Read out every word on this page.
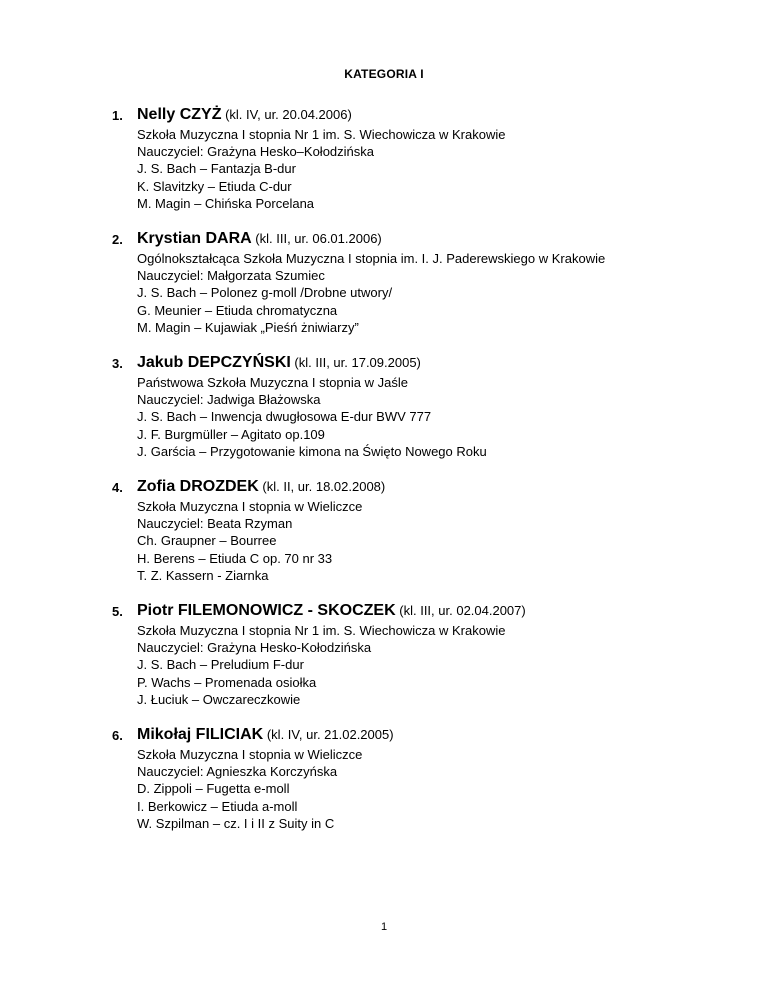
KATEGORIA I
1. Nelly CZYŻ (kl. IV, ur. 20.04.2006)
Szkoła Muzyczna I stopnia Nr 1 im. S. Wiechowicza w Krakowie
Nauczyciel: Grażyna Hesko–Kołodzińska
J. S. Bach – Fantazja B-dur
K. Slavitzky – Etiuda C-dur
M. Magin – Chińska Porcelana
2. Krystian DARA (kl. III, ur. 06.01.2006)
Ogólnokształcąca Szkoła Muzyczna I stopnia im. I. J. Paderewskiego w Krakowie
Nauczyciel: Małgorzata Szumiec
J. S. Bach – Polonez g-moll /Drobne utwory/
G. Meunier – Etiuda chromatyczna
M. Magin – Kujawiak „Pieśń żniwiarzy”
3. Jakub DEPCZYŃSKI (kl. III, ur. 17.09.2005)
Państwowa Szkoła Muzyczna I stopnia w Jaśle
Nauczyciel: Jadwiga Błażowska
J. S. Bach – Inwencja dwugłosowa E-dur BWV 777
J. F. Burgmüller – Agitato op.109
J. Garścia – Przygotowanie kimona na Święto Nowego Roku
4. Zofia DROZDEK (kl. II, ur. 18.02.2008)
Szkoła Muzyczna I stopnia w Wieliczce
Nauczyciel: Beata Rzyman
Ch. Graupner – Bourree
H. Berens – Etiuda C op. 70 nr 33
T. Z. Kassern - Ziarnka
5. Piotr FILEMONOWICZ - SKOCZEK (kl. III, ur. 02.04.2007)
Szkoła Muzyczna I stopnia Nr 1 im. S. Wiechowicza w Krakowie
Nauczyciel: Grażyna Hesko-Kołodzińska
J. S. Bach – Preludium F-dur
P. Wachs – Promenada osiołka
J. Łuciuk – Owczareczkowie
6. Mikołaj FILICIAK (kl. IV, ur. 21.02.2005)
Szkoła Muzyczna I stopnia w Wieliczce
Nauczyciel: Agnieszka Korczyńska
D. Zippoli – Fugetta e-moll
I. Berkowicz – Etiuda a-moll
W. Szpilman – cz. I i II z Suity in C
1
